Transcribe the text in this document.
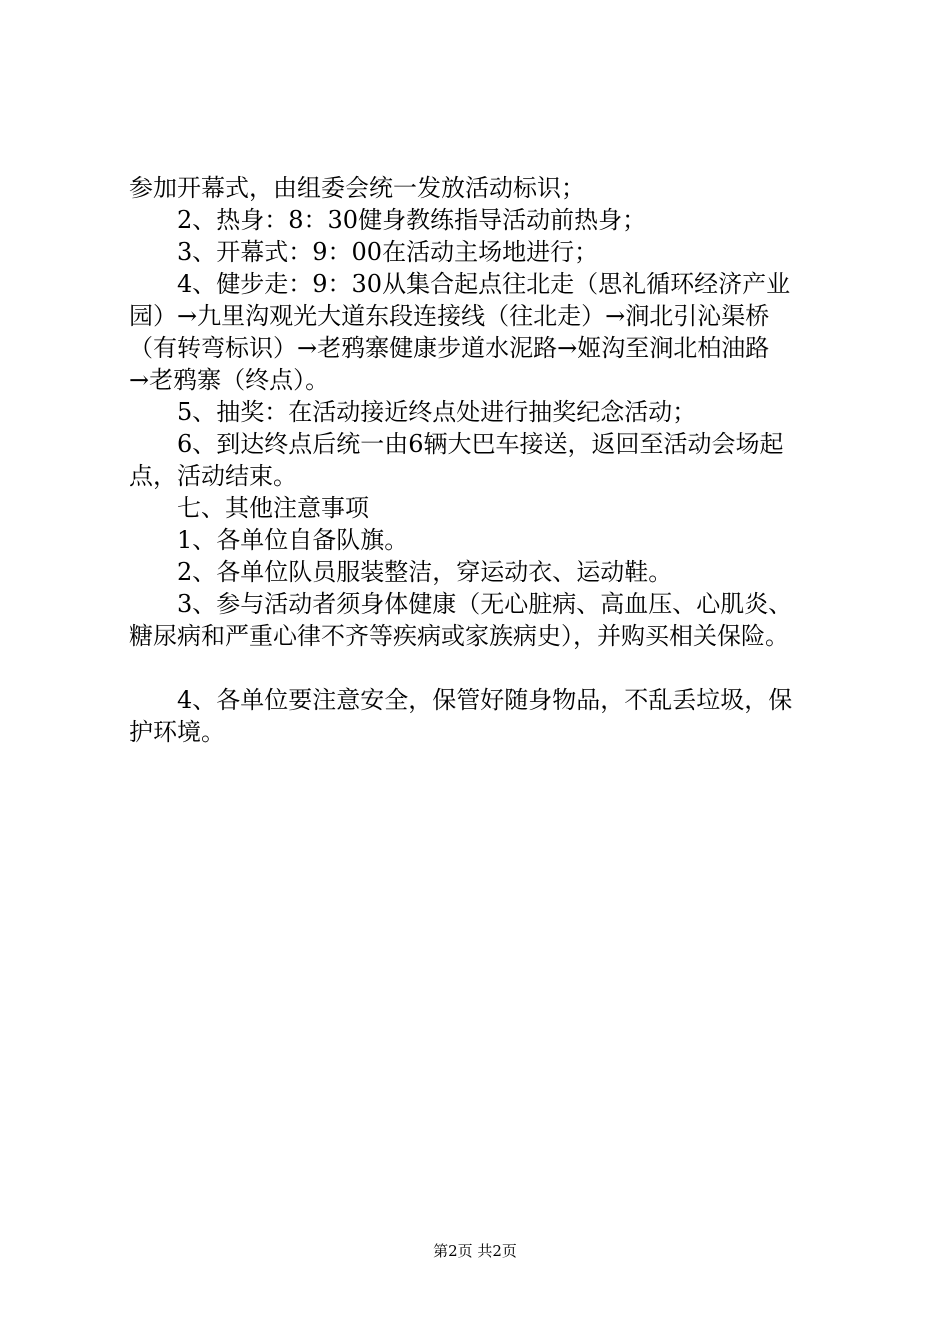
参加开幕式，由组委会统一发放活动标识；

2、热身：8：30健身教练指导活动前热身；

3、开幕式：9：00在活动主场地进行；

4、健步走：9：30从集合起点往北走（思礼循环经济产业

园）→九里沟观光大道东段连接线（往北走）→涧北引沁渠桥

（有转弯标识）→老鸦寨健康步道水泥路→姬沟至涧北柏油路

→老鸦寨（终点）。

5、抽奖：在活动接近终点处进行抽奖纪念活动；

6、到达终点后统一由6辆大巴车接送，返回至活动会场起

点，活动结束。

七、其他注意事项

1、各单位自备队旗。

2、各单位队员服装整洁，穿运动衣、运动鞋。

3、参与活动者须身体健康（无心脏病、高血压、心肌炎、

糖尿病和严重心律不齐等疾病或家族病史），并购买相关保险。

4、各单位要注意安全，保管好随身物品，不乱丢垃圾，保

护环境。

第2页 共2页
